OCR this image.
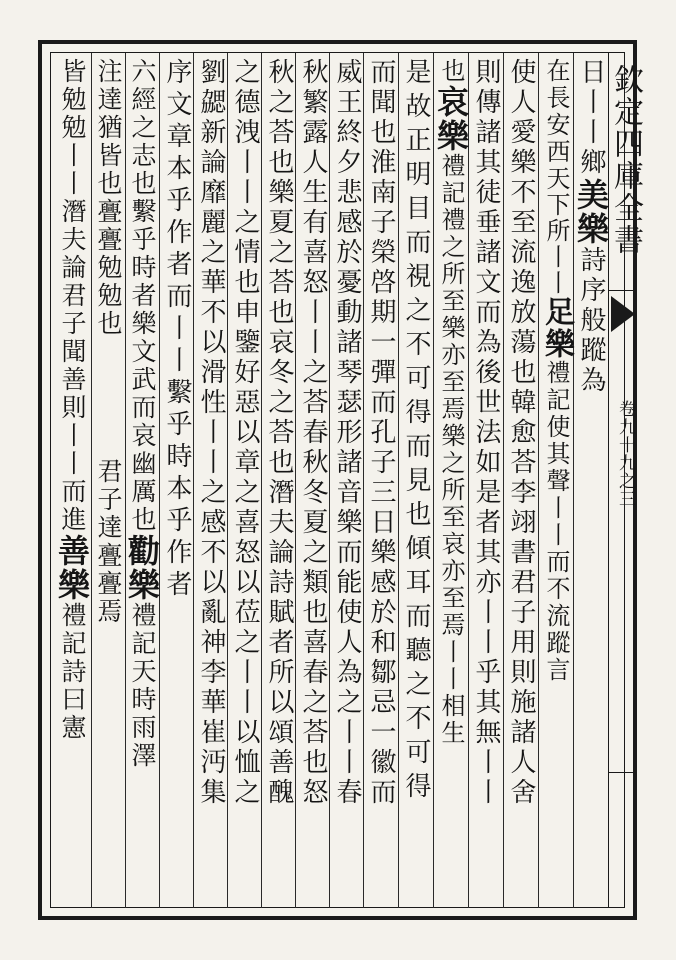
欽定四庫全書
卷九十九之三
日丨丨鄉美樂詩序般蹤為
在長安西天下所丨丨足樂禮記使其聲丨丨而不流蹤言
使人愛樂不至流逸放蕩也韓愈荅李翊書君子用則施諸人舍
則傳諸其徒垂諸文而為後世法如是者其亦丨丨乎其無丨丨
也哀樂禮記禮之所至樂亦至焉樂之所至哀亦至焉丨丨相生
是故正明目而視之不可得而見也傾耳而聽之不可得
而聞也淮南子榮啓期一彈而孔子三日樂感於和鄒忌一徽而
威王終夕悲感於憂動諸琴瑟形諸音樂而能使人為之丨丨春
秋繁露人生有喜怒丨丨之荅春秋冬夏之類也喜春之荅也怒
秋之荅也樂夏之荅也哀冬之荅也潛夫論詩賦者所以頌善醜
之德洩丨丨之情也申鑒好惡以章之喜怒以莅之丨丨以恤之
劉勰新論靡麗之華不以滑性丨丨之感不以亂神李華崔沔集
序文章本乎作者而丨丨繫乎時本乎作者
六經之志也繫乎時者樂文武而哀幽厲也勸樂禮記天時雨澤
注達猶皆也亹亹勉勉也君子達亹亹焉
皆勉勉丨丨潛夫論君子聞善則丨丨而進善樂禮記詩曰憲
